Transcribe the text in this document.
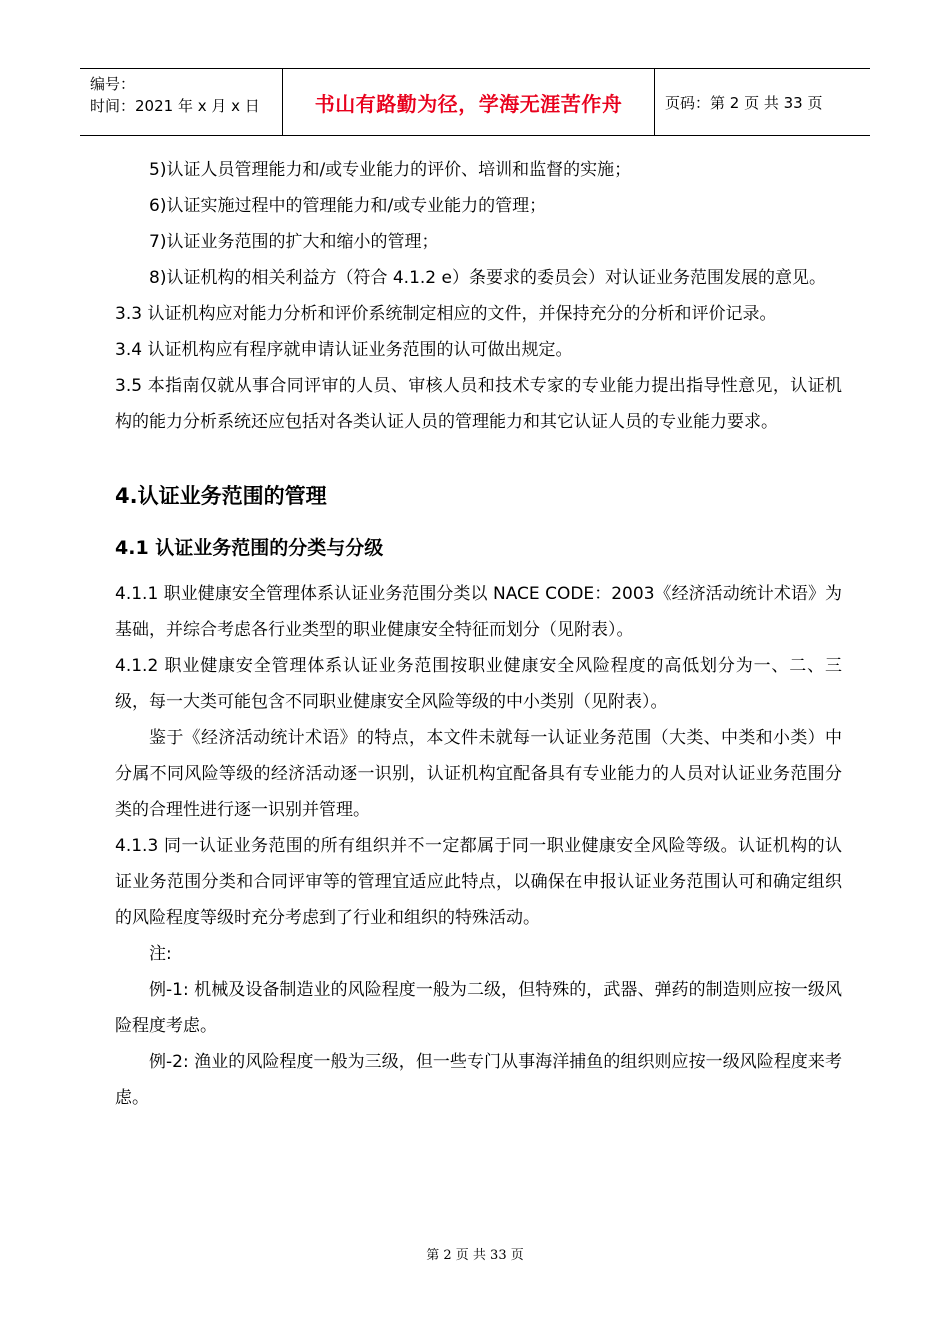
编号：
时间：2021 年 x 月 x 日	书山有路勤为径，学海无涯苦作舟	页码：第 2 页 共 33 页

5)认证人员管理能力和/或专业能力的评价、培训和监督的实施；

6)认证实施过程中的管理能力和/或专业能力的管理；

7)认证业务范围的扩大和缩小的管理；

8)认证机构的相关利益方（符合 4.1.2 e）条要求的委员会）对认证业务范围发展的意见。

3.3 认证机构应对能力分析和评价系统制定相应的文件，并保持充分的分析和评价记录。

3.4 认证机构应有程序就申请认证业务范围的认可做出规定。

3.5 本指南仅就从事合同评审的人员、审核人员和技术专家的专业能力提出指导性意见，认证机构的能力分析系统还应包括对各类认证人员的管理能力和其它认证人员的专业能力要求。

4.认证业务范围的管理
4.1 认证业务范围的分类与分级

4.1.1 职业健康安全管理体系认证业务范围分类以 NACE CODE：2003《经济活动统计术语》为基础，并综合考虑各行业类型的职业健康安全特征而划分（见附表）。

4.1.2 职业健康安全管理体系认证业务范围按职业健康安全风险程度的高低划分为一、二、三级，每一大类可能包含不同职业健康安全风险等级的中小类别（见附表）。

鉴于《经济活动统计术语》的特点，本文件未就每一认证业务范围（大类、中类和小类）中分属不同风险等级的经济活动逐一识别，认证机构宜配备具有专业能力的人员对认证业务范围分类的合理性进行逐一识别并管理。

4.1.3 同一认证业务范围的所有组织并不一定都属于同一职业健康安全风险等级。认证机构的认证业务范围分类和合同评审等的管理宜适应此特点，以确保在申报认证业务范围认可和确定组织的风险程度等级时充分考虑到了行业和组织的特殊活动。

注:

例-1: 机械及设备制造业的风险程度一般为二级，但特殊的，武器、弹药的制造则应按一级风险程度考虑。

例-2: 渔业的风险程度一般为三级，但一些专门从事海洋捕鱼的组织则应按一级风险程度来考虑。

第 2 页 共 33 页
